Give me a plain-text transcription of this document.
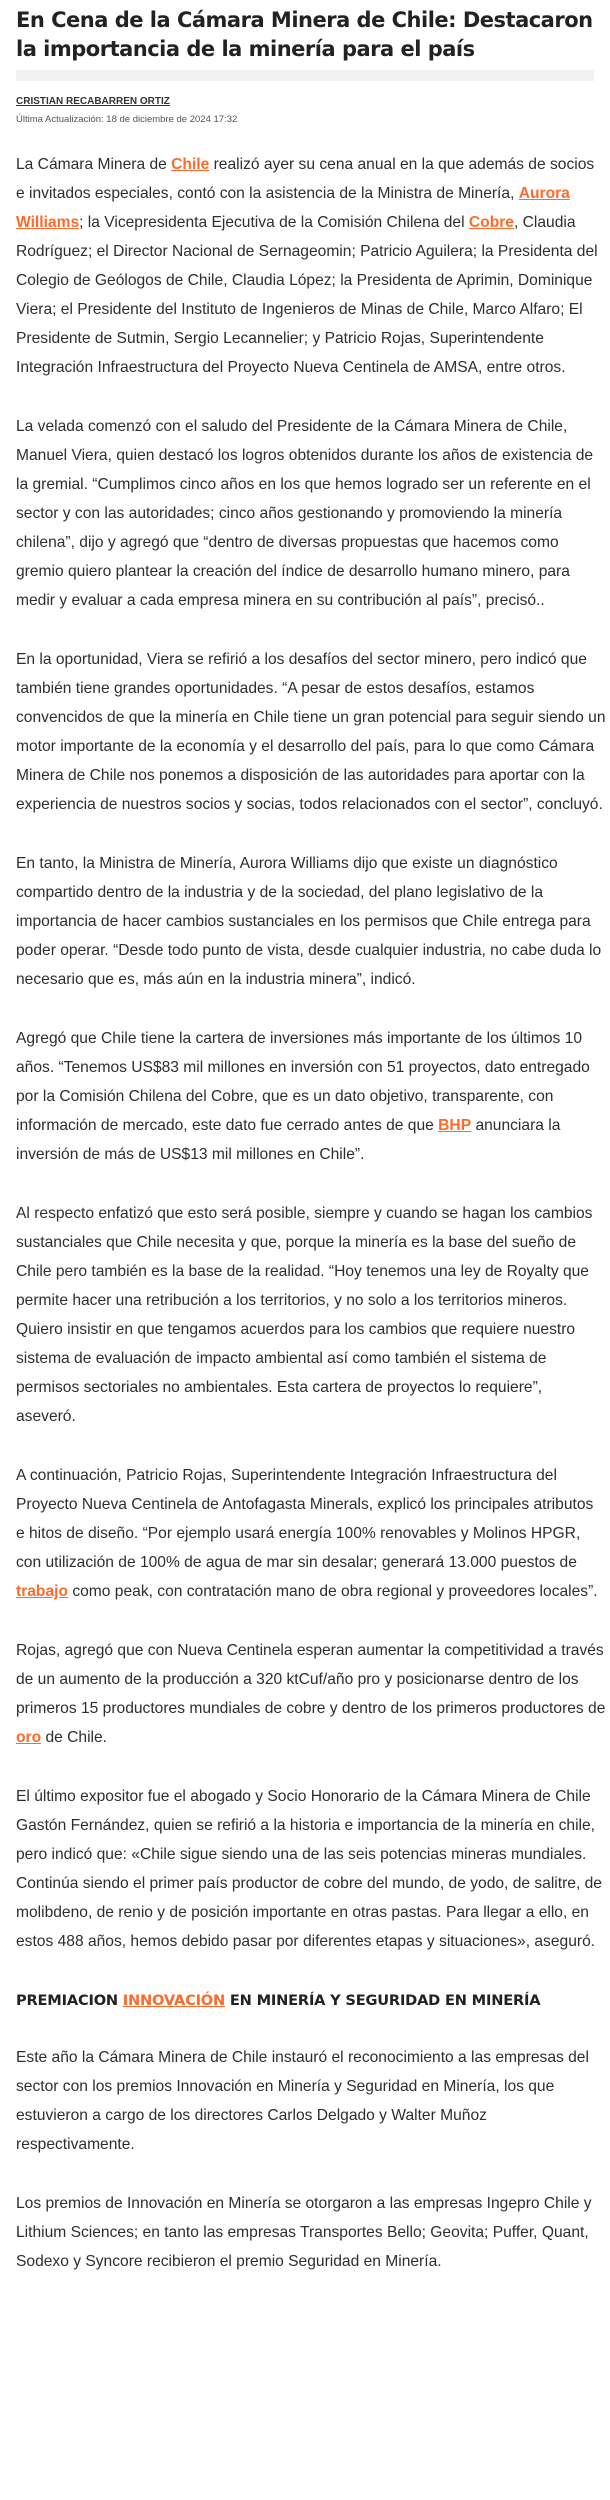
En Cena de la Cámara Minera de Chile: Destacaron la importancia de la minería para el país
CRISTIAN RECABARREN ORTIZ
Última Actualización: 18 de diciembre de 2024 17:32

La Cámara Minera de Chile realizó ayer su cena anual en la que además de socios e invitados especiales, contó con la asistencia de la Ministra de Minería, Aurora Williams; la Vicepresidenta Ejecutiva de la Comisión Chilena del Cobre, Claudia Rodríguez; el Director Nacional de Sernageomin; Patricio Aguilera; la Presidenta del Colegio de Geólogos de Chile, Claudia López; la Presidenta de Aprimin, Dominique Viera; el Presidente del Instituto de Ingenieros de Minas de Chile, Marco Alfaro; El Presidente de Sutmin, Sergio Lecannelier; y Patricio Rojas, Superintendente Integración Infraestructura del Proyecto Nueva Centinela de AMSA, entre otros.

La velada comenzó con el saludo del Presidente de la Cámara Minera de Chile, Manuel Viera, quien destacó los logros obtenidos durante los años de existencia de la gremial. “Cumplimos cinco años en los que hemos logrado ser un referente en el sector y con las autoridades; cinco años gestionando y promoviendo la minería chilena”, dijo y agregó que “dentro de diversas propuestas que hacemos como gremio quiero plantear la creación del índice de desarrollo humano minero, para medir y evaluar a cada empresa minera en su contribución al país”, precisó..

En la oportunidad, Viera se refirió a los desafíos del sector minero, pero indicó que también tiene grandes oportunidades. “A pesar de estos desafíos, estamos convencidos de que la minería en Chile tiene un gran potencial para seguir siendo un motor importante de la economía y el desarrollo del país, para lo que como Cámara Minera de Chile nos ponemos a disposición de las autoridades para aportar con la experiencia de nuestros socios y socias, todos relacionados con el sector”, concluyó.

En tanto, la Ministra de Minería, Aurora Williams dijo que existe un diagnóstico compartido dentro de la industria y de la sociedad, del plano legislativo de la importancia de hacer cambios sustanciales en los permisos que Chile entrega para poder operar. “Desde todo punto de vista, desde cualquier industria, no cabe duda lo necesario que es, más aún en la industria minera”, indicó.

Agregó que Chile tiene la cartera de inversiones más importante de los últimos 10 años. “Tenemos US$83 mil millones en inversión con 51 proyectos, dato entregado por la Comisión Chilena del Cobre, que es un dato objetivo, transparente, con información de mercado, este dato fue cerrado antes de que BHP anunciara la inversión de más de US$13 mil millones en Chile”.

Al respecto enfatizó que esto será posible, siempre y cuando se hagan los cambios sustanciales que Chile necesita y que, porque la minería es la base del sueño de Chile pero también es la base de la realidad. “Hoy tenemos una ley de Royalty que permite hacer una retribución a los territorios, y no solo a los territorios mineros. Quiero insistir en que tengamos acuerdos para los cambios que requiere nuestro sistema de evaluación de impacto ambiental así como también el sistema de permisos sectoriales no ambientales. Esta cartera de proyectos lo requiere”, aseveró.

A continuación, Patricio Rojas, Superintendente Integración Infraestructura del Proyecto Nueva Centinela de Antofagasta Minerals, explicó los principales atributos e hitos de diseño. “Por ejemplo usará energía 100% renovables y Molinos HPGR, con utilización de 100% de agua de mar sin desalar; generará 13.000 puestos de trabajo como peak, con contratación mano de obra regional y proveedores locales”.

Rojas, agregó que con Nueva Centinela esperan aumentar la competitividad a través de un aumento de la producción a 320 ktCuf/año pro y posicionarse dentro de los primeros 15 productores mundiales de cobre y dentro de los primeros productores de oro de Chile.

El último expositor fue el abogado y Socio Honorario de la Cámara Minera de Chile Gastón Fernández, quien se refirió a la historia e importancia de la minería en chile, pero indicó que: «Chile sigue siendo una de las seis potencias mineras mundiales. Continúa siendo el primer país productor de cobre del mundo, de yodo, de salitre, de molibdeno, de renio y de posición importante en otras pastas. Para llegar a ello, en estos 488 años, hemos debido pasar por diferentes etapas y situaciones», aseguró.

PREMIACION INNOVACIÓN EN MINERÍA Y SEGURIDAD EN MINERÍA

Este año la Cámara Minera de Chile instauró el reconocimiento a las empresas del sector con los premios Innovación en Minería y Seguridad en Minería, los que estuvieron a cargo de los directores Carlos Delgado y Walter Muñoz respectivamente.

Los premios de Innovación en Minería se otorgaron a las empresas Ingepro Chile y Lithium Sciences; en tanto las empresas Transportes Bello; Geovita; Puffer, Quant, Sodexo y Syncore recibieron el premio Seguridad en Minería.
